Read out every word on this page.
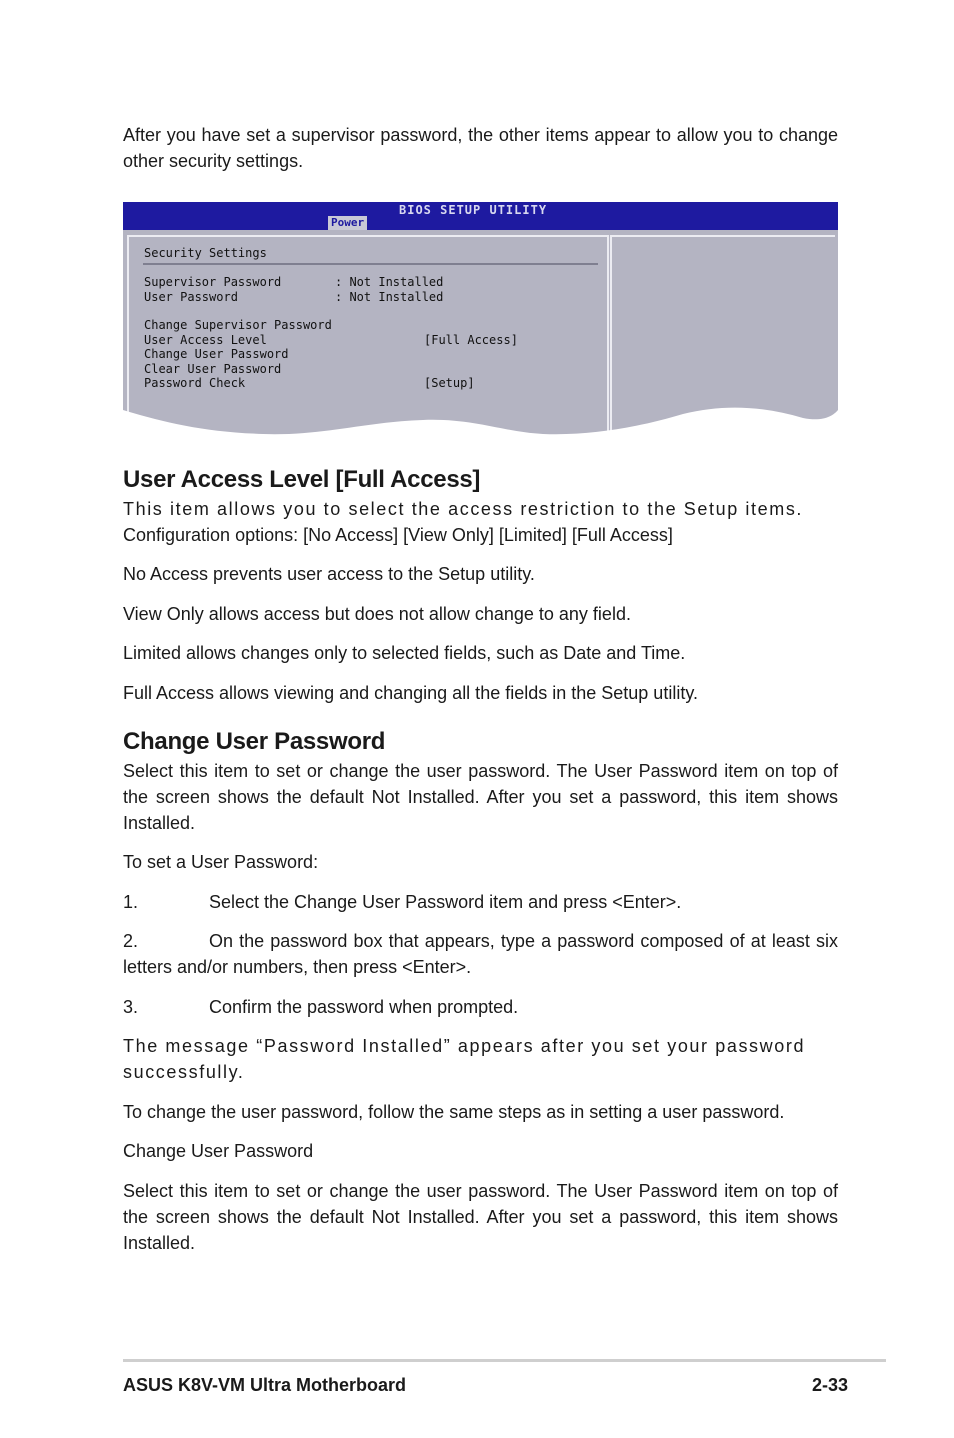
After you have set a supervisor password, the other items appear to allow you to change other security settings.

BIOS SETUP UTILITY
Power
Security Settings
Supervisor Password	: Not Installed
User Password	: Not Installed
Change Supervisor Password
User Access Level	[Full Access]
Change User Password
Clear User Password
Password Check	[Setup]
User Access Level [Full Access]

This item allows you to select the access restriction to the Setup items.

Configuration options: [No Access] [View Only] [Limited] [Full Access]

No Access prevents user access to the Setup utility.

View Only allows access but does not allow change to any field.

Limited allows changes only to selected fields, such as Date and Time.

Full Access allows viewing and changing all the fields in the Setup utility.

Change User Password

Select this item to set or change the user password. The User Password item on top of the screen shows the default Not Installed. After you set a password, this item shows Installed.

To set a User Password:

1.	Select the Change User Password item and press <Enter>.

2.	On the password box that appears, type a password composed of at least six letters and/or numbers, then press <Enter>.

3.	Confirm the password when prompted.

The message “Password Installed” appears after you set your password successfully.

To change the user password, follow the same steps as in setting a user password.

Change User Password

Select this item to set or change the user password. The User Password item on top of the screen shows the default Not Installed. After you set a password, this item shows Installed.

ASUS K8V-VM Ultra Motherboard	2-33
